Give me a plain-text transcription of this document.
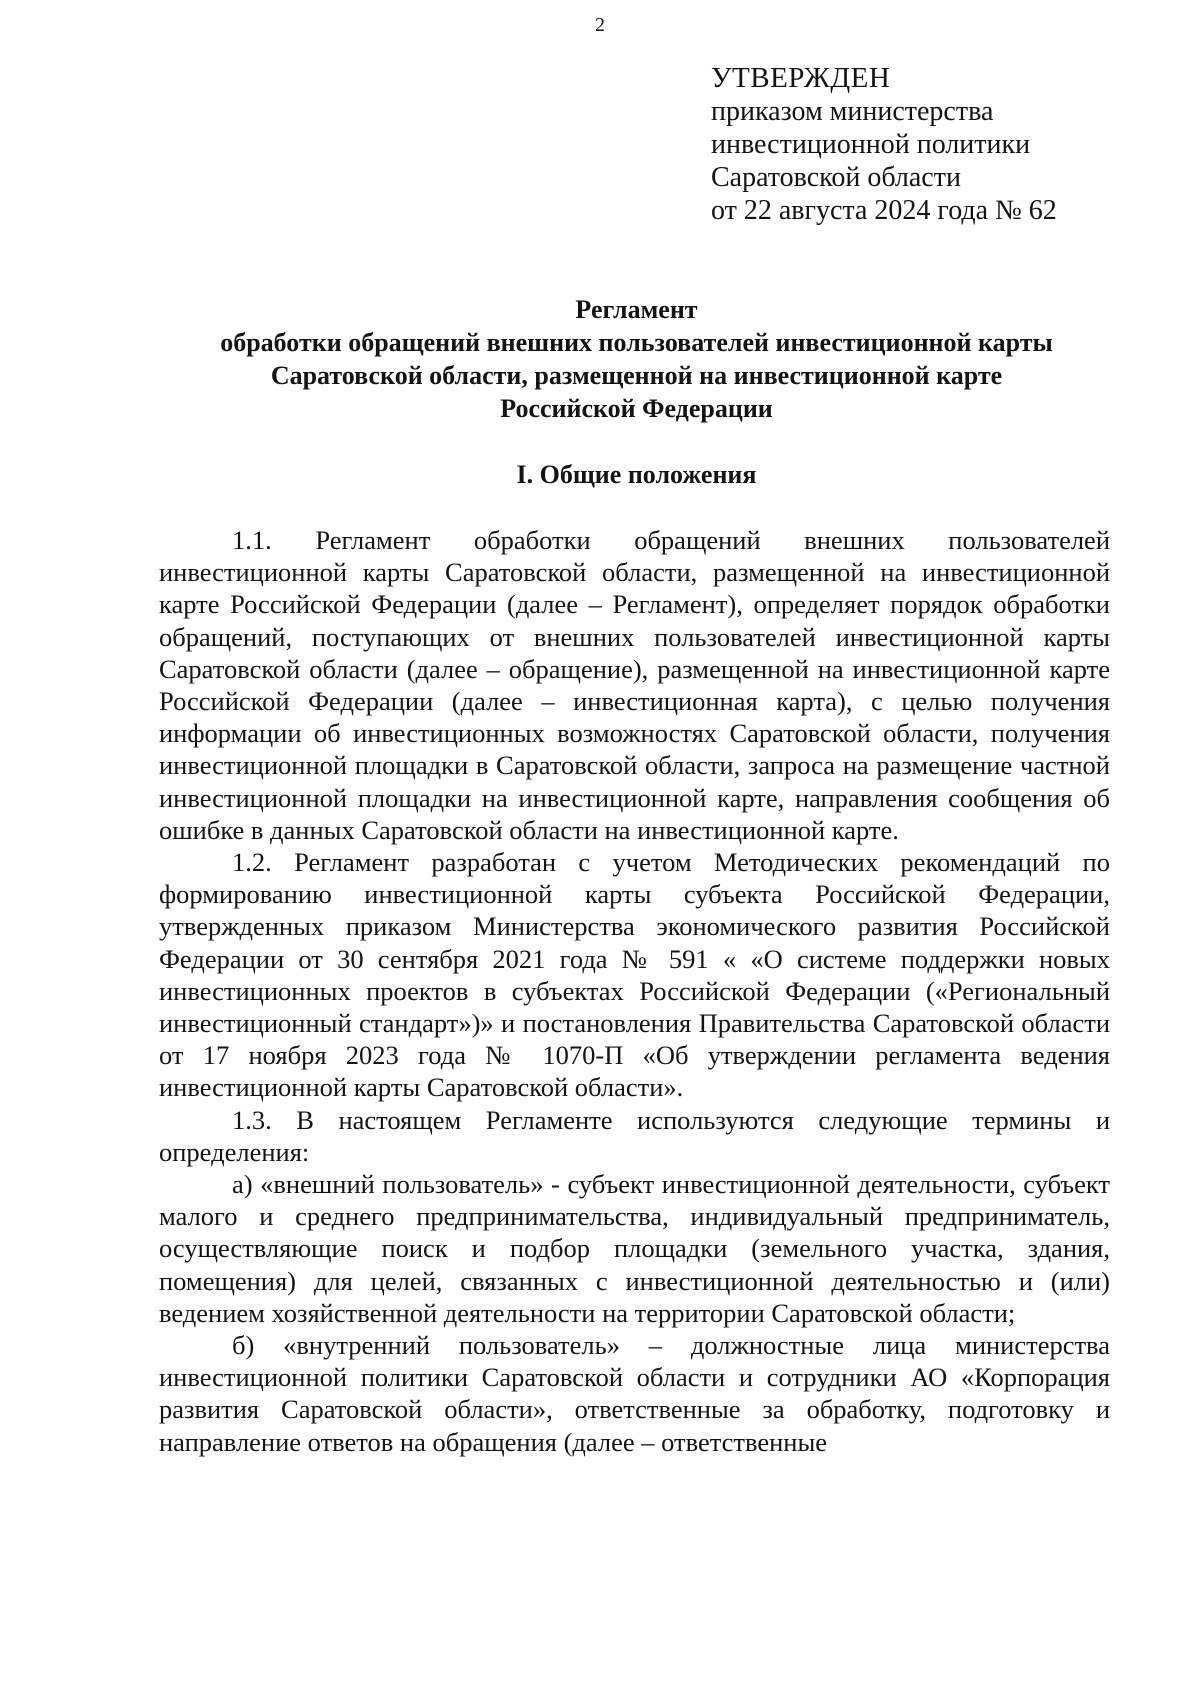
2
УТВЕРЖДЕН
приказом министерства
инвестиционной политики
Саратовской области
от 22 августа 2024 года № 62
Регламент
обработки обращений внешних пользователей инвестиционной карты
Саратовской области, размещенной на инвестиционной карте
Российской Федерации
I. Общие положения

1.1. Регламент обработки обращений внешних пользователей инвестиционной карты Саратовской области, размещенной на инвестиционной карте Российской Федерации (далее – Регламент), определяет порядок обработки обращений, поступающих от внешних пользователей инвестиционной карты Саратовской области (далее – обращение), размещенной на инвестиционной карте Российской Федерации (далее – инвестиционная карта), с целью получения информации об инвестиционных возможностях Саратовской области, получения инвестиционной площадки в Саратовской области, запроса на размещение частной инвестиционной площадки на инвестиционной карте, направления сообщения об ошибке в данных Саратовской области на инвестиционной карте.

1.2. Регламент разработан с учетом Методических рекомендаций по формированию инвестиционной карты субъекта Российской Федерации, утвержденных приказом Министерства экономического развития Российской Федерации от 30 сентября 2021 года № 591 « «О системе поддержки новых инвестиционных проектов в субъектах Российской Федерации («Региональный инвестиционный стандарт»)» и постановления Правительства Саратовской области от 17 ноября 2023 года № 1070-П «Об утверждении регламента ведения инвестиционной карты Саратовской области».

1.3. В настоящем Регламенте используются следующие термины и определения:

а) «внешний пользователь» - субъект инвестиционной деятельности, субъект малого и среднего предпринимательства, индивидуальный предприниматель, осуществляющие поиск и подбор площадки (земельного участка, здания, помещения) для целей, связанных с инвестиционной деятельностью и (или) ведением хозяйственной деятельности на территории Саратовской области;

б) «внутренний пользователь» – должностные лица министерства инвестиционной политики Саратовской области и сотрудники АО «Корпорация развития Саратовской области», ответственные за обработку, подготовку и направление ответов на обращения (далее – ответственные
